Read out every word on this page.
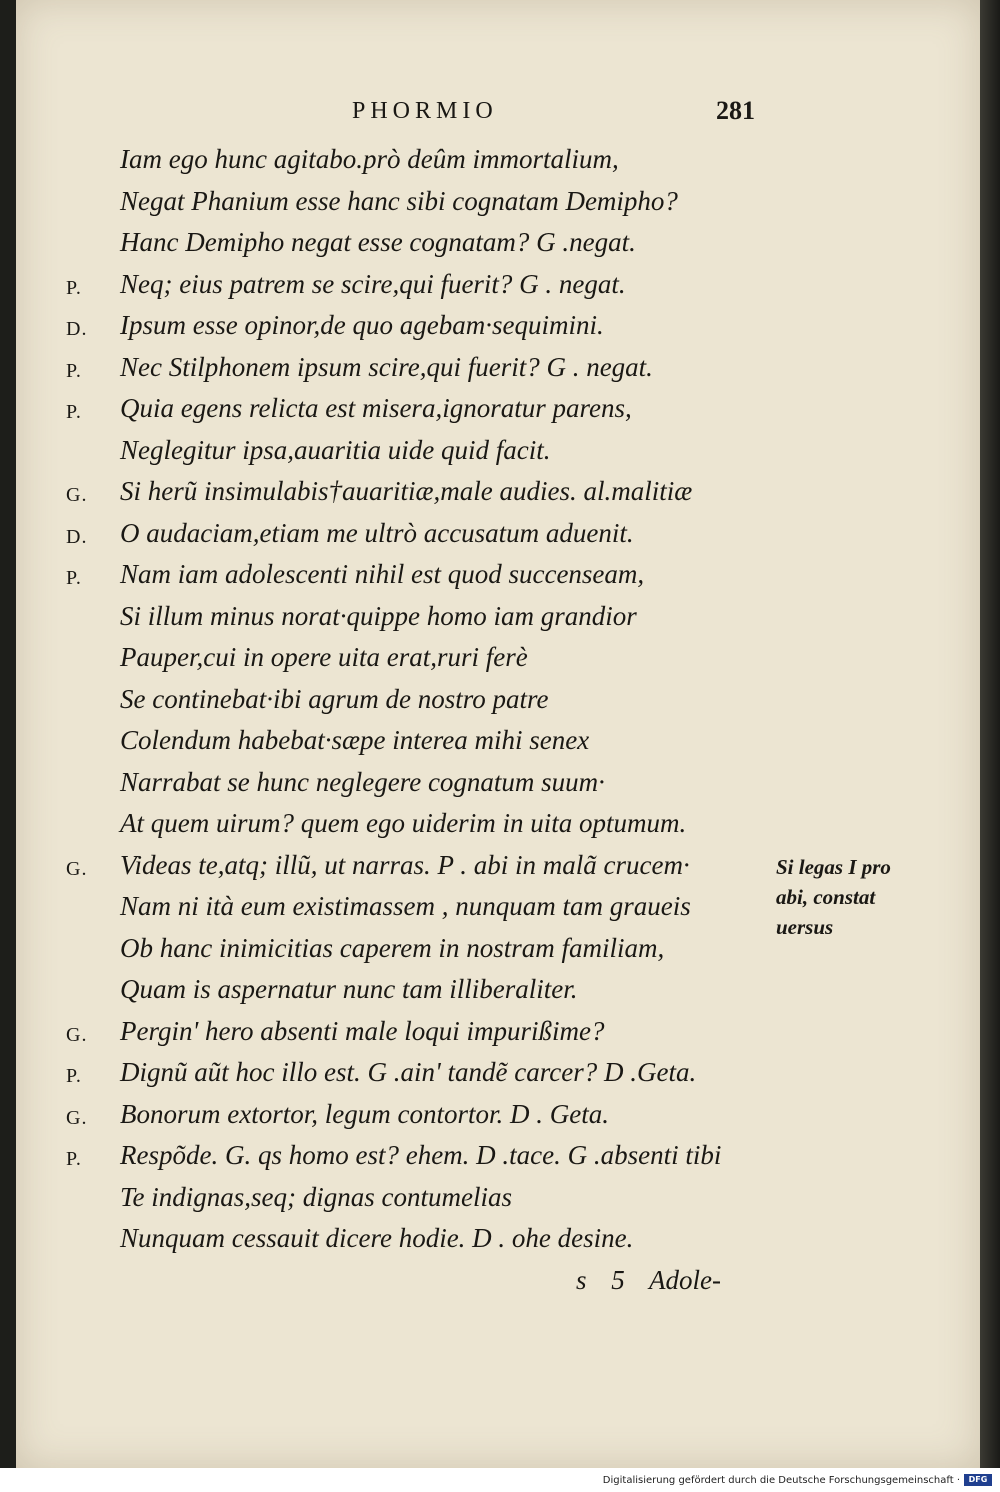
PHORMIO	281
Iam ego hunc agitabo.prò deûm immortalium,
Negat Phanium esse hanc sibi cognatam Demipho?
Hanc Demipho negat esse cognatam? G .negat.
P.	Neq; eius patrem se scire,qui fuerit? G . negat.
D.	Ipsum esse opinor,de quo agebam·sequimini.
P.	Nec Stilphonem ipsum scire,qui fuerit? G . negat.
P.	Quia egens relicta est misera,ignoratur parens,
Neglegitur ipsa,auaritia uide quid facit.
G.	Si herũ insimulabis†auaritiæ,male audies. al.malitiæ
D.	O audaciam,etiam me ultrò accusatum aduenit.
P.	Nam iam adolescenti nihil est quod succenseam,
Si illum minus norat·quippe homo iam grandior
Pauper,cui in opere uita erat,ruri ferè
Se continebat·ibi agrum de nostro patre
Colendum habebat·sæpe interea mihi senex
Narrabat se hunc neglegere cognatum suum·
At quem uirum? quem ego uiderim in uita optumum.
G.	Videas te,atq; illũ, ut narras. P . abi in malã crucem·
Nam ni ità eum existimassem , nunquam tam graueis
Ob hanc inimicitias caperem in nostram familiam,
Quam is aspernatur nunc tam illiberaliter.
G.	Pergin' hero absenti male loqui impurißime?
P.	Dignũ aũt hoc illo est. G .ain' tandẽ carcer? D .Geta.
G.	Bonorum extortor, legum contortor. D . Geta.
P.	Respõde. G. qs homo est? ehem. D .tace. G .absenti tibi
Te indignas,seq; dignas contumelias
Nunquam cessauit dicere hodie. D . ohe desine.
Si legas I pro
abi, constat
uersus
s 5 Adole-
Digitalisierung gefördert durch die Deutsche Forschungsgemeinschaft ·	DFG
